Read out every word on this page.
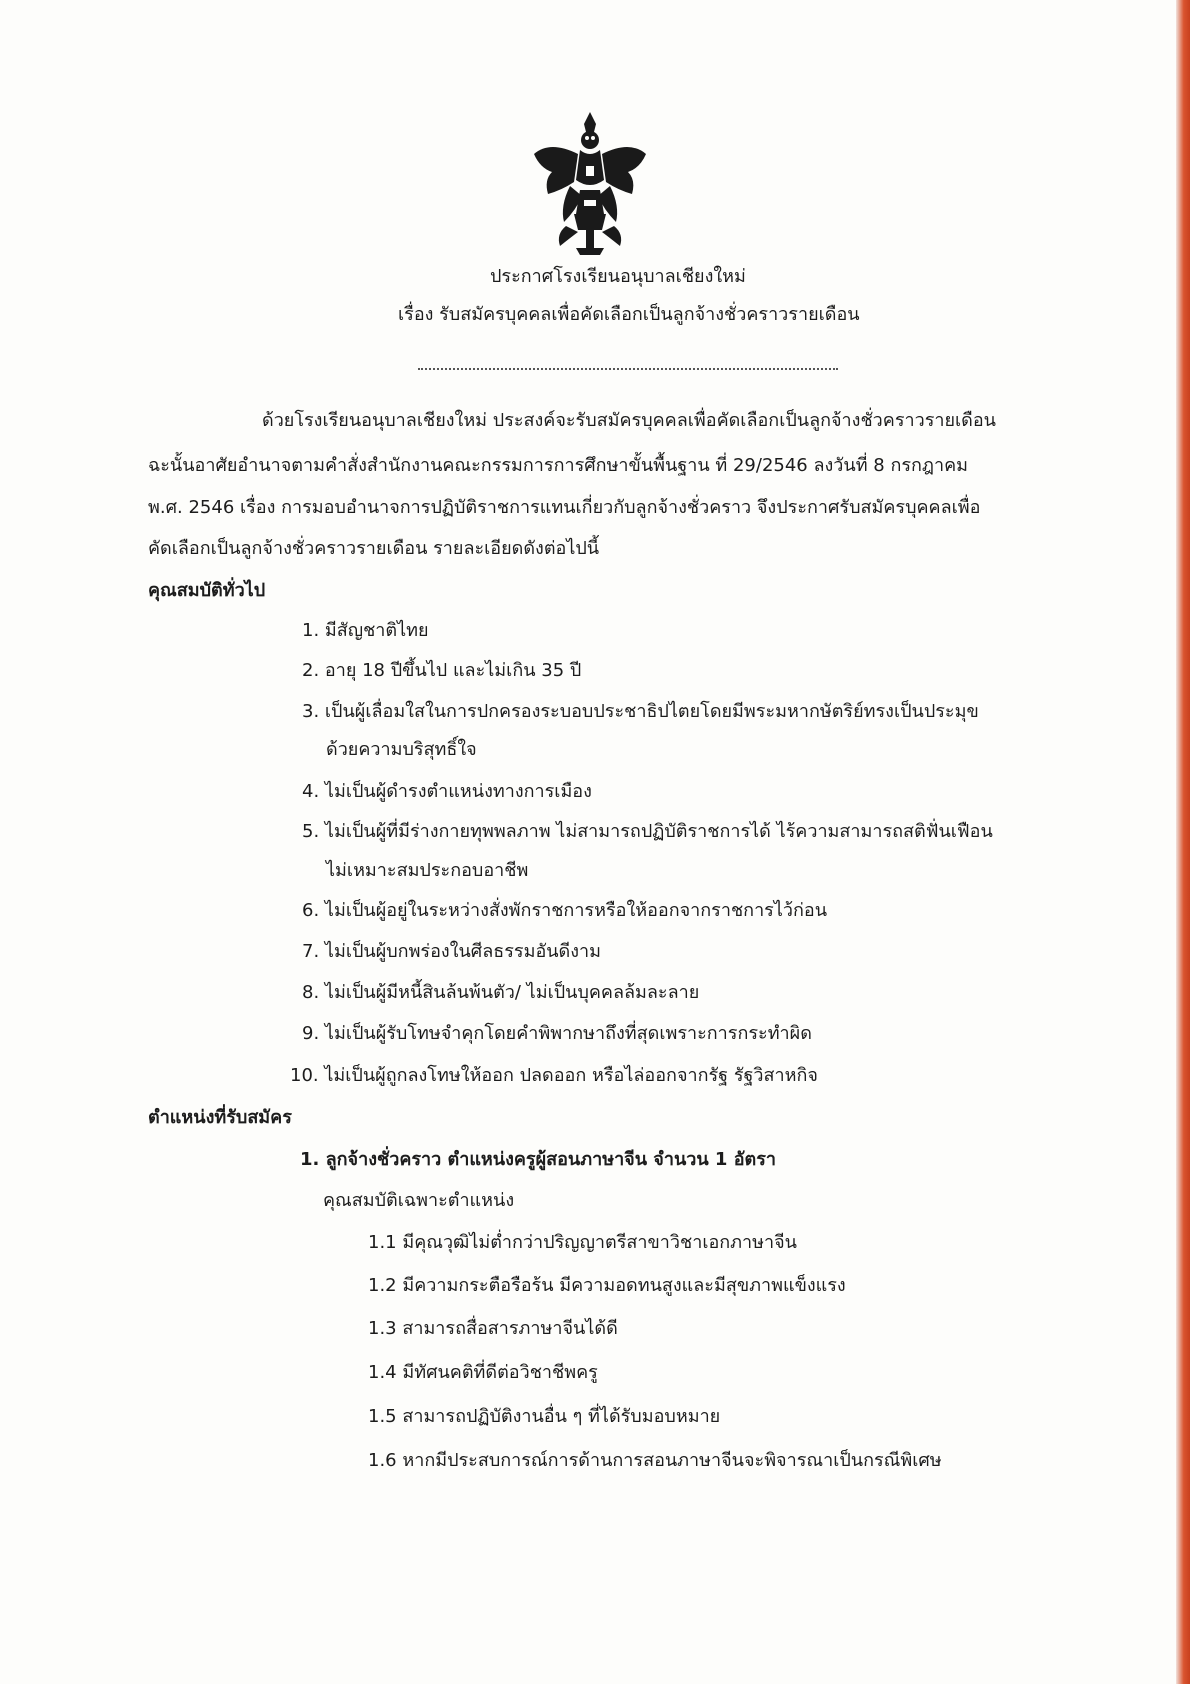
ประกาศโรงเรียนอนุบาลเชียงใหม่
เรื่อง รับสมัครบุคคลเพื่อคัดเลือกเป็นลูกจ้างชั่วคราวรายเดือน
ด้วยโรงเรียนอนุบาลเชียงใหม่ ประสงค์จะรับสมัครบุคคลเพื่อคัดเลือกเป็นลูกจ้างชั่วคราวรายเดือน
ฉะนั้นอาศัยอำนาจตามคำสั่งสำนักงานคณะกรรมการการศึกษาขั้นพื้นฐาน ที่ 29/2546 ลงวันที่ 8 กรกฎาคม
พ.ศ. 2546 เรื่อง การมอบอำนาจการปฏิบัติราชการแทนเกี่ยวกับลูกจ้างชั่วคราว จึงประกาศรับสมัครบุคคลเพื่อ
คัดเลือกเป็นลูกจ้างชั่วคราวรายเดือน รายละเอียดดังต่อไปนี้
คุณสมบัติทั่วไป
1. มีสัญชาติไทย
2. อายุ 18 ปีขึ้นไป และไม่เกิน 35 ปี
3. เป็นผู้เลื่อมใสในการปกครองระบอบประชาธิปไตยโดยมีพระมหากษัตริย์ทรงเป็นประมุข
ด้วยความบริสุทธิ์ใจ
4. ไม่เป็นผู้ดำรงตำแหน่งทางการเมือง
5. ไม่เป็นผู้ที่มีร่างกายทุพพลภาพ ไม่สามารถปฏิบัติราชการได้ ไร้ความสามารถสติฟั่นเฟือน
ไม่เหมาะสมประกอบอาชีพ
6. ไม่เป็นผู้อยู่ในระหว่างสั่งพักราชการหรือให้ออกจากราชการไว้ก่อน
7. ไม่เป็นผู้บกพร่องในศีลธรรมอันดีงาม
8. ไม่เป็นผู้มีหนี้สินล้นพ้นตัว/ ไม่เป็นบุคคลล้มละลาย
9. ไม่เป็นผู้รับโทษจำคุกโดยคำพิพากษาถึงที่สุดเพราะการกระทำผิด
10. ไม่เป็นผู้ถูกลงโทษให้ออก ปลดออก หรือไล่ออกจากรัฐ รัฐวิสาหกิจ
ตำแหน่งที่รับสมัคร
1. ลูกจ้างชั่วคราว ตำแหน่งครูผู้สอนภาษาจีน จำนวน 1 อัตรา
คุณสมบัติเฉพาะตำแหน่ง
1.1 มีคุณวุฒิไม่ต่ำกว่าปริญญาตรีสาขาวิชาเอกภาษาจีน
1.2 มีความกระตือรือร้น มีความอดทนสูงและมีสุขภาพแข็งแรง
1.3 สามารถสื่อสารภาษาจีนได้ดี
1.4 มีทัศนคติที่ดีต่อวิชาชีพครู
1.5 สามารถปฏิบัติงานอื่น ๆ ที่ได้รับมอบหมาย
1.6 หากมีประสบการณ์การด้านการสอนภาษาจีนจะพิจารณาเป็นกรณีพิเศษ
